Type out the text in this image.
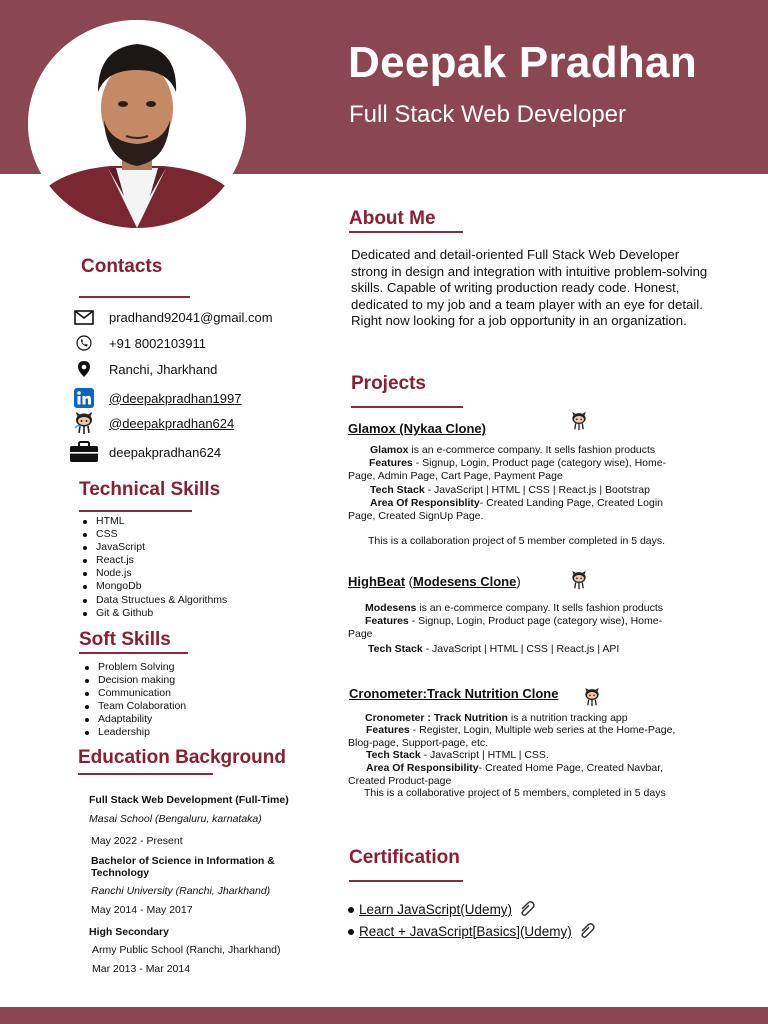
Deepak Pradhan
Full Stack Web Developer
Contacts
pradhand92041@gmail.com
+91 8002103911
Ranchi, Jharkhand
@deepakpradhan1997
@deepakpradhan624
deepakpradhan624
Technical Skills
HTML
CSS
JavaScript
React.js
Node.js
MongoDb
Data Structues & Algorithms
Git & Github
Soft Skills
Problem Solving
Decision making
Communication
Team Colaboration
Adaptability
Leadership
Education Background
Full Stack Web Development (Full-Time)
Masai School (Bengaluru, karnataka)
May 2022 - Present
Bachelor of Science in Information &
Technology
Ranchi University (Ranchi, Jharkhand)
May 2014 - May 2017
High Secondary
Army Public School (Ranchi, Jharkhand)
Mar 2013 - Mar 2014
About Me
Dedicated and detail-oriented Full Stack Web Developer strong in design and integration with intuitive problem-solving skills. Capable of writing production ready code. Honest, dedicated to my job and a team player with an eye for detail. Right now looking for a job opportunity in an organization.
Projects
Glamox (Nykaa Clone)
Glamox is an e-commerce company. It sells fashion products
Features - Signup, Login, Product page (category wise), Home-
Page, Admin Page, Cart Page, Payment Page
Tech Stack - JavaScript | HTML | CSS | React.js | Bootstrap
Area Of Responsiblity- Created Landing Page, Created Login
Page, Created SignUp Page.
This is a collaboration project of 5 member completed in 5 days.
HighBeat (Modesens Clone)
Modesens is an e-commerce company. It sells fashion products
Features - Signup, Login, Product page (category wise), Home-
Page
Tech Stack - JavaScript | HTML | CSS | React.js | API
Cronometer:Track Nutrition Clone
Cronometer : Track Nutrition is a nutrition tracking app
Features - Register, Login, Multiple web series at the Home-Page,
Blog-page, Support-page, etc.
Tech Stack - JavaScript | HTML | CSS.
Area Of Responsibility- Created Home Page, Created Navbar,
Created Product-page
This is a collaborative project of 5 members, completed in 5 days
Certification
Learn JavaScript(Udemy)
React + JavaScript[Basics](Udemy)
